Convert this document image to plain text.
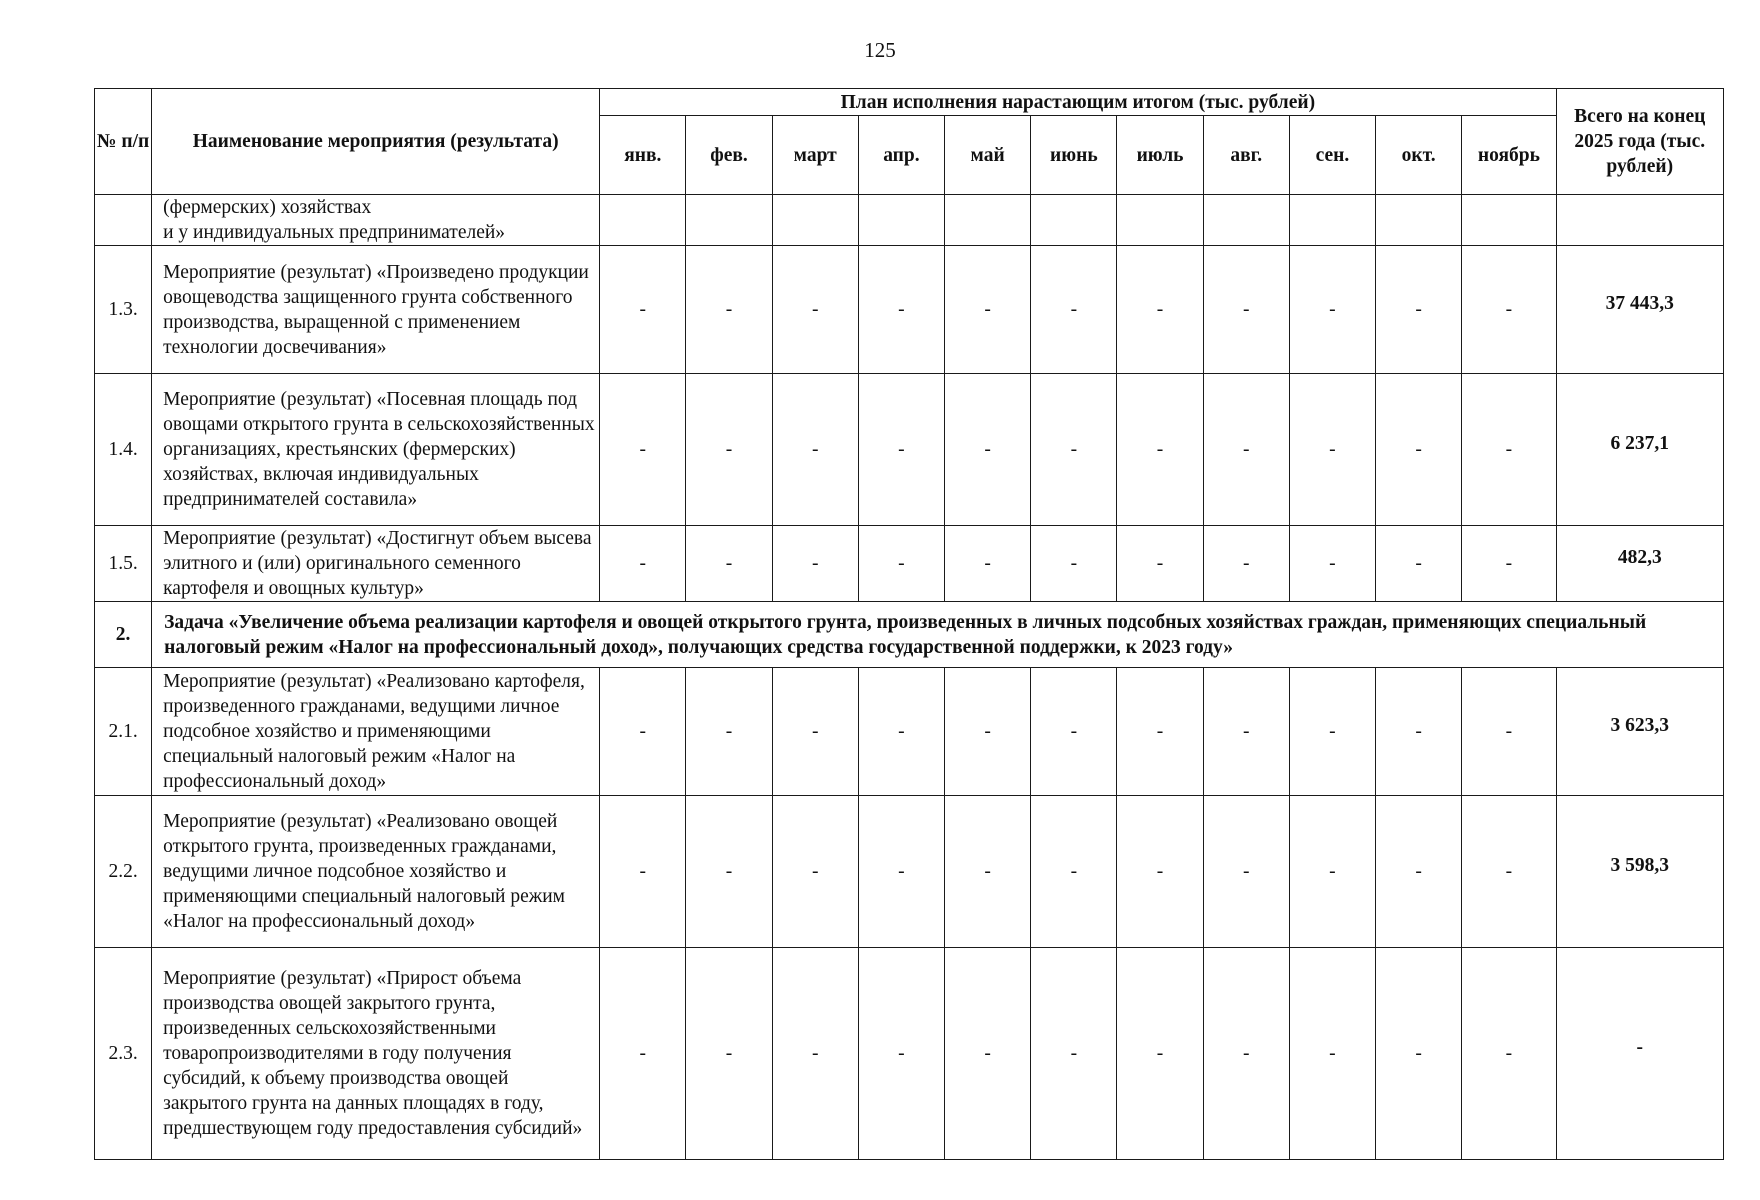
125
№ п/п	Наименование мероприятия (результата)	План исполнения нарастающим итогом (тыс. рублей)											Всего на конец 2025 года (тыс. рублей)
		янв.	фев.	март	апр.	май	июнь	июль	авг.	сен.	окт.	ноябрь	
	(фермерских) хозяйствах
и у индивидуальных предпринимателей»												
1.3.	Мероприятие (результат) «Произведено продукции овощеводства защищенного грунта собственного производства, выращенной с применением технологии досвечивания»	-	-	-	-	-	-	-	-	-	-	-	37 443,3
1.4.	Мероприятие (результат) «Посевная площадь под овощами открытого грунта в сельскохозяйственных организациях, крестьянских (фермерских) хозяйствах, включая индивидуальных предпринимателей составила»	-	-	-	-	-	-	-	-	-	-	-	6 237,1
1.5.	Мероприятие (результат) «Достигнут объем высева элитного и (или) оригинального семенного картофеля и овощных культур»	-	-	-	-	-	-	-	-	-	-	-	482,3
2.	Задача «Увеличение объема реализации картофеля и овощей открытого грунта, произведенных в личных подсобных хозяйствах граждан, применяющих специальный налоговый режим «Налог на профессиональный доход», получающих средства государственной поддержки, к 2023 году»												
2.1.	Мероприятие (результат) «Реализовано картофеля, произведенного гражданами, ведущими личное подсобное хозяйство и применяющими специальный налоговый режим «Налог на профессиональный доход»	-	-	-	-	-	-	-	-	-	-	-	3 623,3
2.2.	Мероприятие (результат) «Реализовано овощей открытого грунта, произведенных гражданами, ведущими личное подсобное хозяйство и применяющими специальный налоговый режим «Налог на профессиональный доход»	-	-	-	-	-	-	-	-	-	-	-	3 598,3
2.3.	Мероприятие (результат) «Прирост объема производства овощей закрытого грунта, произведенных сельскохозяйственными товаропроизводителями в году получения субсидий, к объему производства овощей закрытого грунта на данных площадях в году, предшествующем году предоставления субсидий»	-	-	-	-	-	-	-	-	-	-	-	-
